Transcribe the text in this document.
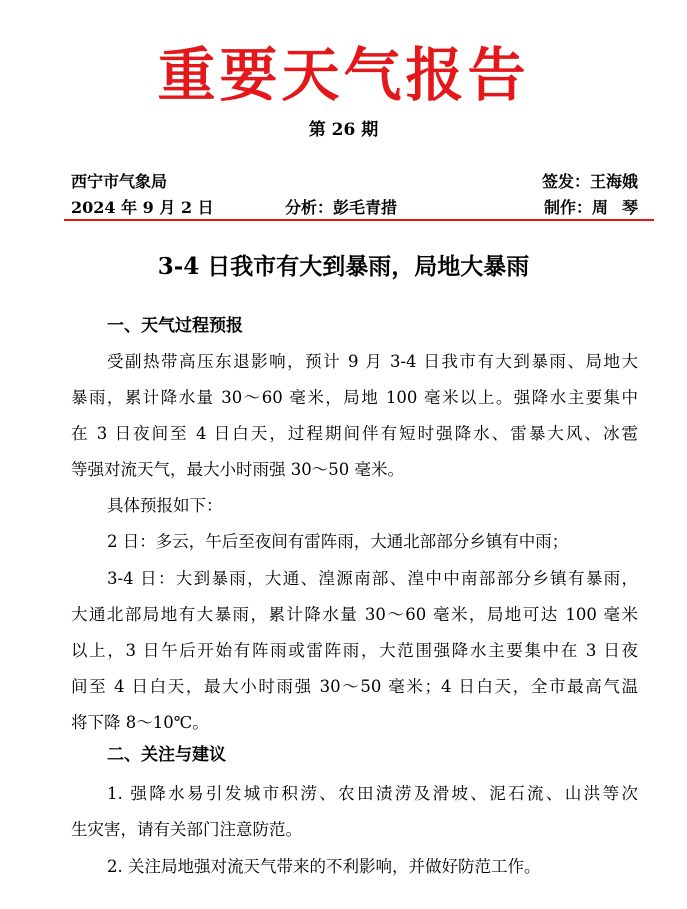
重要天气报告
第 26 期
西宁市气象局	签发：王海娥
2024 年 9 月 2 日	分析：彭毛青措	制作：周琴
3-4 日我市有大到暴雨，局地大暴雨
一、天气过程预报
受副热带高压东退影响，预计 9 月 3-4 日我市有大到暴雨、局地大
暴雨，累计降水量 30～60 毫米，局地 100 毫米以上。强降水主要集中
在 3 日夜间至 4 日白天，过程期间伴有短时强降水、雷暴大风、冰雹
等强对流天气，最大小时雨强 30～50 毫米。
具体预报如下：
2 日：多云，午后至夜间有雷阵雨，大通北部部分乡镇有中雨；
3-4 日：大到暴雨，大通、湟源南部、湟中中南部部分乡镇有暴雨，
大通北部局地有大暴雨，累计降水量 30～60 毫米，局地可达 100 毫米
以上，3 日午后开始有阵雨或雷阵雨，大范围强降水主要集中在 3 日夜
间至 4 日白天，最大小时雨强 30～50 毫米；4 日白天，全市最高气温
将下降 8～10℃。
二、关注与建议
1. 强降水易引发城市积涝、农田渍涝及滑坡、泥石流、山洪等次
生灾害，请有关部门注意防范。
2. 关注局地强对流天气带来的不利影响，并做好防范工作。
